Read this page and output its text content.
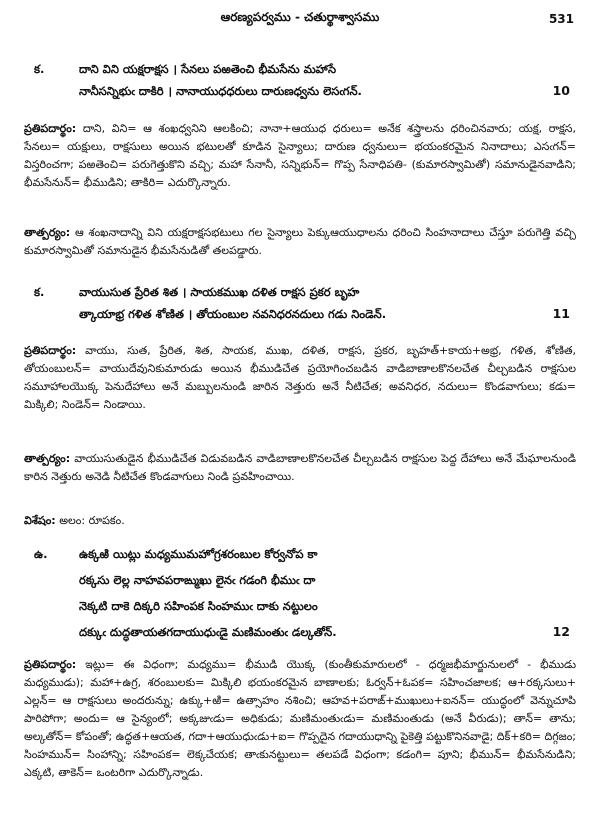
ఆరణ్యపర్వము - చతుర్థాశ్వాసము	531
క.	దాని విని యక్షరాక్షస । సేనలు పఱతెంచి భీమసేను మహాసే
నానీసన్నిభుఁ దాకిరి । నానాయుధధరులు దారుణధ్వను లెసఁగన్.	10
ప్రతిపదార్థం: దాని, విని= ఆ శంఖధ్వనిని ఆలకించి; నానా+ఆయుధ ధరులు= అనేక శస్త్రాలను ధరించినవారు; యక్ష, రాక్షస, సేనలు= యక్షులు, రాక్షసులు అయిన భటులతో కూడిన సైన్యాలు; దారుణ ధ్వనులు= భయంకరమైన నినాదాలు; ఎసఁగన్= విస్తరించగా; పఱతెంచి= పరుగెత్తుకొని వచ్చి; మహా సేనానీ, సన్నిభున్= గొప్ప సేనాధిపతి- (కుమారస్వామితో) సమానుడైనవాడిని; భీమసేనున్= భీముడిని; తాకిరి= ఎదుర్కొన్నారు.
తాత్పర్యం: ఆ శంఖనాదాన్ని విని యక్షరాక్షసభటులు గల సైన్యాలు పెక్కుఆయుధాలను ధరించి సింహనాదాలు చేస్తూ పరుగెత్తి వచ్చి కుమారస్వామితో సమానుడైన భీమసేనుడితో తలపడ్డారు.
క.	వాయుసుత ప్రేరిత శిత । సాయకముఖ దళిత రాక్షస ప్రకర బృహ
త్కాయాభ్ర గళిత శోణిత । తోయంబుల నవనిధరనదులు గడు నిండెన్.	11
ప్రతిపదార్థం: వాయు, సుత, ప్రేరిత, శిత, సాయక, ముఖ, దళిత, రాక్షస, ప్రకర, బృహత్+కాయ+అభ్ర, గళిత, శోణిత, తోయంబులన్= వాయుదేవునికుమారుడు అయిన భీముడిచేత ప్రయోగించబడిన వాడిబాణాలకొనలచేత చీల్చబడిన రాక్షసుల సమూహాలయొక్క పెనుదేహాలు అనే మబ్బులనుండి జారిన నెత్తురు అనే నీటిచేత; అవనిధర, నదులు= కొండవాగులు; కడు= మిక్కిలి; నిండెన్= నిండాయి.
తాత్పర్యం: వాయుసుతుడైన భీముడిచేత విడువబడిన వాడిబాణాలకొనలచేత చీల్చబడిన రాక్షసుల పెద్ద దేహాలు అనే మేఘాలనుండి కారిన నెత్తురు అనెడి నీటిచేత కొండవాగులు నిండి ప్రవహించాయి.
విశేషం: అలం: రూపకం.
ఉ.	ఉక్కఱి యిట్లు మధ్యముమహోగ్రశరంబుల కోర్వనోప కా
రక్కసు లెల్ల నాహవపరాఙ్ముఖు లైనఁ గడంగి భీముఁ దా
నెక్కటి దాకె దిక్కరి సహింపక సింహముఁ దాకు నట్టులం
దక్కుఁ దుద్ధతాయతగదాయుధుఁడై మణిమంతుఁ డల్కతోన్.	12
ప్రతిపదార్థం: ఇట్లు= ఈ విధంగా; మధ్యము= భీముడి యొక్క (కుంతీకుమారులలో - ధర్మజభీమార్జునులలో - భీముడు మధ్యముడు); మహా+ఉగ్ర, శరంబులకు= మిక్కిలి భయంకరమైన బాణాలకు; ఓర్వన్+ఓపక= సహించజాలక; ఆ+రక్కసులు+ ఎల్లన్= ఆ రాక్షసులు అందరున్ను; ఉక్కు+ఱి= ఉత్సాహం నశించి; ఆహవ+పరాఙ్+ముఖులు+ఐనన్= యుద్ధంలో వెన్నుచూపి పారిపోగా; అందు= ఆ సైన్యంలో; అక్కజుఁడు= అధికుడు; మణిమంతుఁడు= మణిమంతుడు (అనే వీరుడు); తాన్= తాను; అల్కతోన్= కోపంతో; ఉద్ధత+ఆయత, గదా+ఆయుధుఁడు+ఐ= గొప్పదైన గదాయుధాన్ని పైకెత్తి పట్టుకొనినవాడై; దిక్+కరి= దిగ్గజం; సింహమున్= సింహాన్ని; సహింపక= లెక్కచేయక; తాఁకునట్టులు= తలపడే విధంగా; కడంగి= పూని; భీమున్= భీమసేనుడిని; ఎక్కటి, తాకెన్= ఒంటరిగా ఎదుర్కొన్నాడు.
